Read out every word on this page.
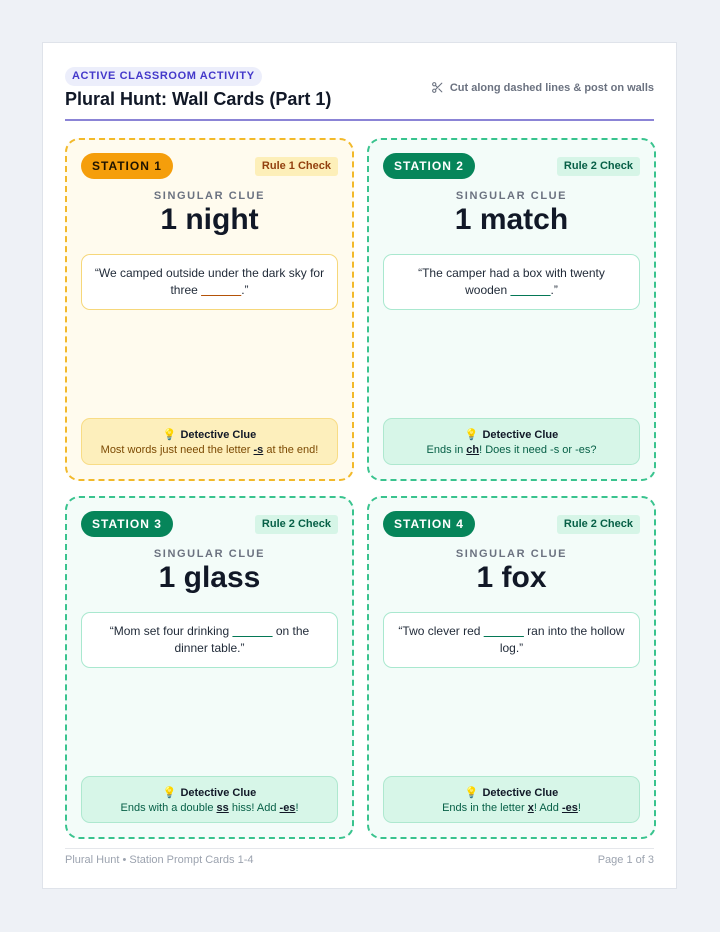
ACTIVE CLASSROOM ACTIVITY
Plural Hunt: Wall Cards (Part 1)
Cut along dashed lines & post on walls
STATION 1	Rule 1 Check
SINGULAR CLUE
1 night
“We camped outside under the dark sky for three ______.”
💡 Detective Clue
Most words just need the letter -s at the end!
STATION 2	Rule 2 Check
SINGULAR CLUE
1 match
“The camper had a box with twenty wooden ______.”
💡 Detective Clue
Ends in ch! Does it need -s or -es?
STATION 3	Rule 2 Check
SINGULAR CLUE
1 glass
“Mom set four drinking ______ on the dinner table.”
💡 Detective Clue
Ends with a double ss hiss! Add -es!
STATION 4	Rule 2 Check
SINGULAR CLUE
1 fox
“Two clever red ______ ran into the hollow log.”
💡 Detective Clue
Ends in the letter x! Add -es!
Plural Hunt • Station Prompt Cards 1-4	Page 1 of 3
